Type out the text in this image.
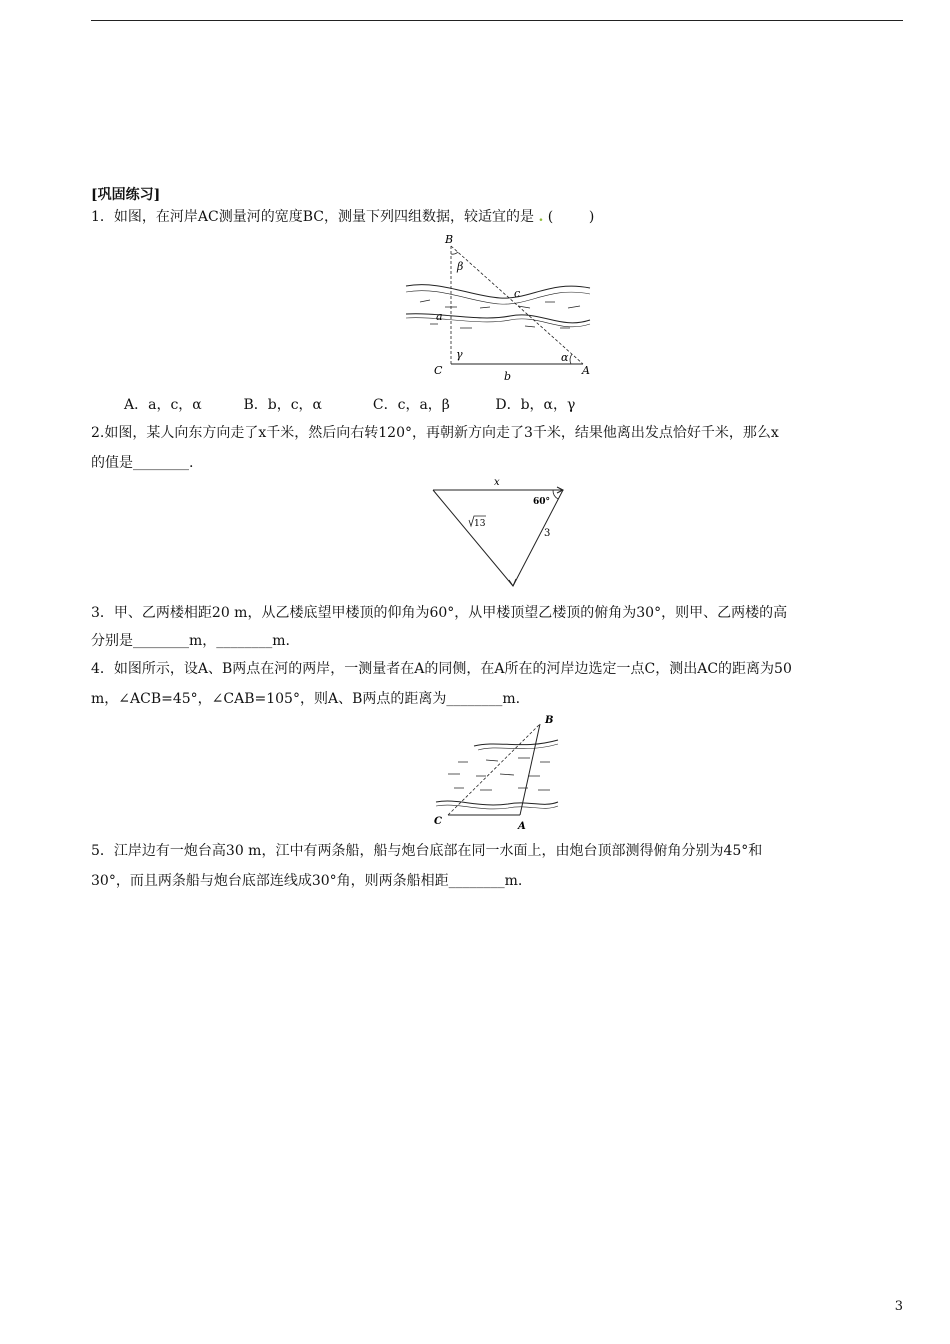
[巩固练习]
1．如图，在河岸AC测量河的宽度BC，测量下列四组数据，较适宜的是 . (        )
B
β
c
a
γ	α
C	b	A
A．a，c，α	B．b，c，α	C．c，a，β	D．b，α，γ
2.如图，某人向东方向走了x千米，然后向右转120°，再朝新方向走了3千米，结果他离出发点恰好千米，那么x
的值是________.
x
60°
3
13
3．甲、乙两楼相距20 m，从乙楼底望甲楼顶的仰角为60°，从甲楼顶望乙楼顶的俯角为30°，则甲、乙两楼的高
分别是________m，________m.
4．如图所示，设A、B两点在河的两岸，一测量者在A的同侧，在A所在的河岸边选定一点C，测出AC的距离为50
m，∠ACB=45°，∠CAB=105°，则A、B两点的距离为________m.
B
C	A
5．江岸边有一炮台高30 m，江中有两条船，船与炮台底部在同一水面上，由炮台顶部测得俯角分别为45°和
30°，而且两条船与炮台底部连线成30°角，则两条船相距________m.
3
